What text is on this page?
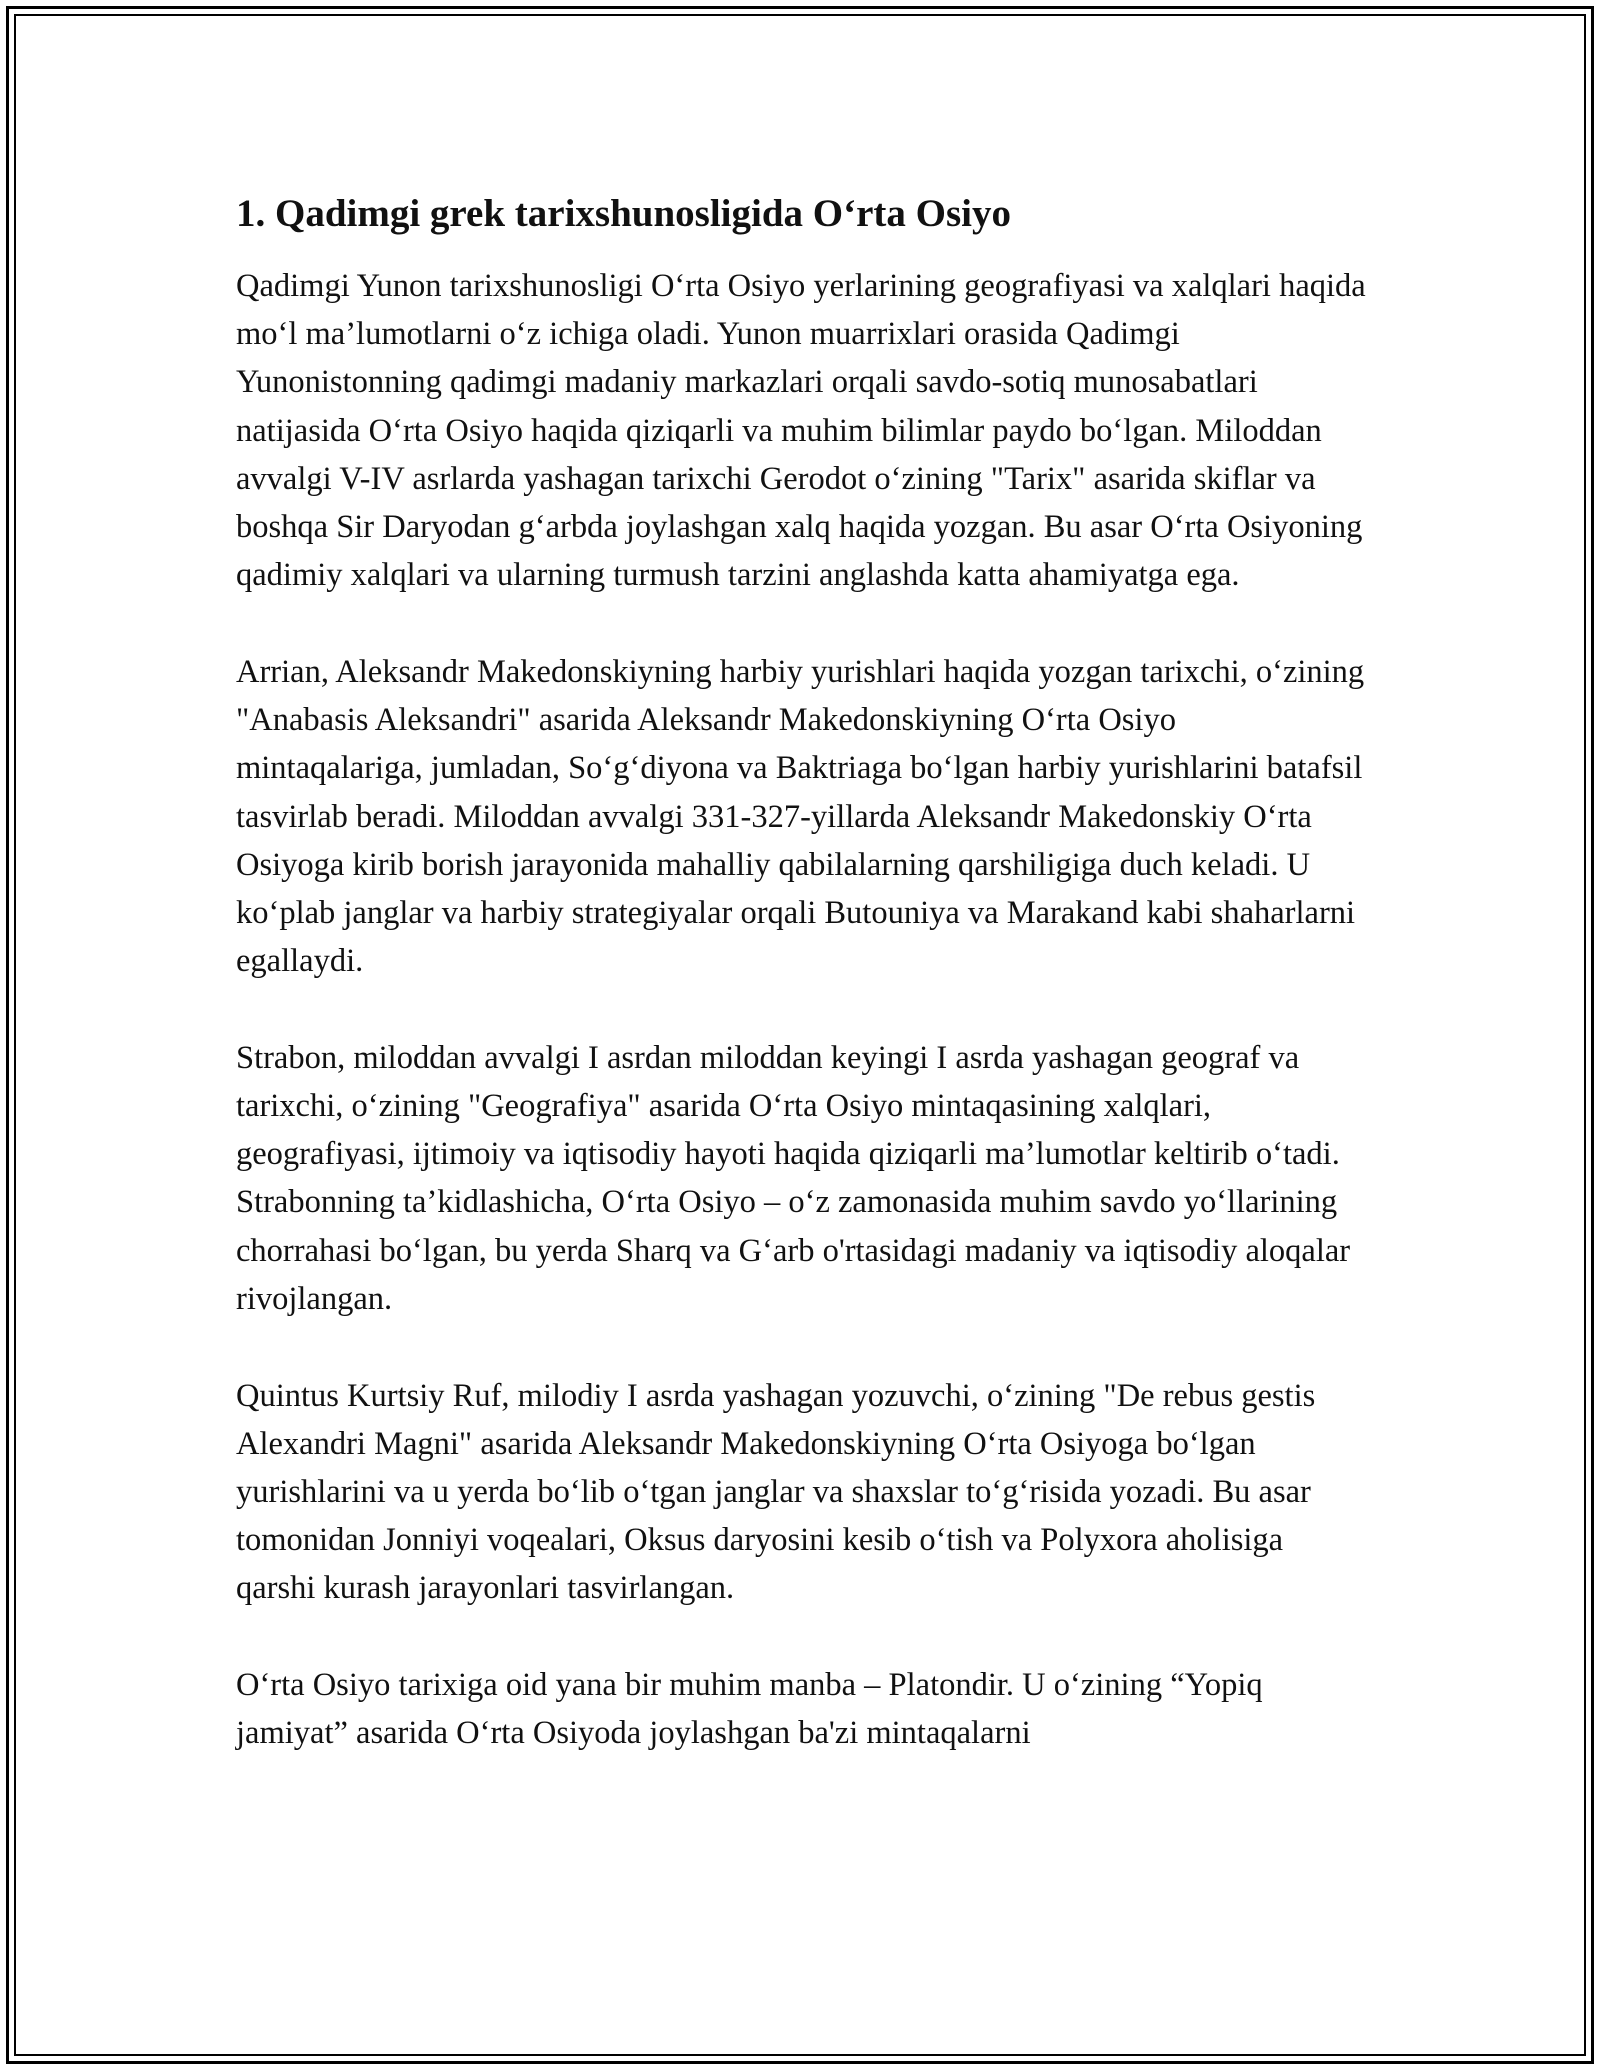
1. Qadimgi grek tarixshunosligida O‘rta Osiyo

Qadimgi Yunon tarixshunosligi O‘rta Osiyo yerlarining geografiyasi va xalqlari haqida mo‘l ma’lumotlarni o‘z ichiga oladi. Yunon muarrixlari orasida Qadimgi Yunonistonning qadimgi madaniy markazlari orqali savdo-sotiq munosabatlari natijasida O‘rta Osiyo haqida qiziqarli va muhim bilimlar paydo bo‘lgan. Miloddan avvalgi V-IV asrlarda yashagan tarixchi Gerodot o‘zining "Tarix" asarida skiflar va boshqa Sir Daryodan g‘arbda joylashgan xalq haqida yozgan. Bu asar O‘rta Osiyoning qadimiy xalqlari va ularning turmush tarzini anglashda katta ahamiyatga ega.

Arrian, Aleksandr Makedonskiyning harbiy yurishlari haqida yozgan tarixchi, o‘zining "Anabasis Aleksandri" asarida Aleksandr Makedonskiyning O‘rta Osiyo mintaqalariga, jumladan, So‘g‘diyona va Baktriaga bo‘lgan harbiy yurishlarini batafsil tasvirlab beradi. Miloddan avvalgi 331-327-yillarda Aleksandr Makedonskiy O‘rta Osiyoga kirib borish jarayonida mahalliy qabilalarning qarshiligiga duch keladi. U ko‘plab janglar va harbiy strategiyalar orqali Butouniya va Marakand kabi shaharlarni egallaydi.

Strabon, miloddan avvalgi I asrdan miloddan keyingi I asrda yashagan geograf va tarixchi, o‘zining "Geografiya" asarida O‘rta Osiyo mintaqasining xalqlari, geografiyasi, ijtimoiy va iqtisodiy hayoti haqida qiziqarli ma’lumotlar keltirib o‘tadi. Strabonning ta’kidlashicha, O‘rta Osiyo – o‘z zamonasida muhim savdo yo‘llarining chorrahasi bo‘lgan, bu yerda Sharq va G‘arb o'rtasidagi madaniy va iqtisodiy aloqalar rivojlangan.

Quintus Kurtsiy Ruf, milodiy I asrda yashagan yozuvchi, o‘zining "De rebus gestis Alexandri Magni" asarida Aleksandr Makedonskiyning O‘rta Osiyoga bo‘lgan yurishlarini va u yerda bo‘lib o‘tgan janglar va shaxslar to‘g‘risida yozadi. Bu asar tomonidan Jonniyi voqealari, Oksus daryosini kesib o‘tish va Polyxora aholisiga qarshi kurash jarayonlari tasvirlangan.

O‘rta Osiyo tarixiga oid yana bir muhim manba – Platondir. U o‘zining “Yopiq jamiyat” asarida O‘rta Osiyoda joylashgan ba'zi mintaqalarni
